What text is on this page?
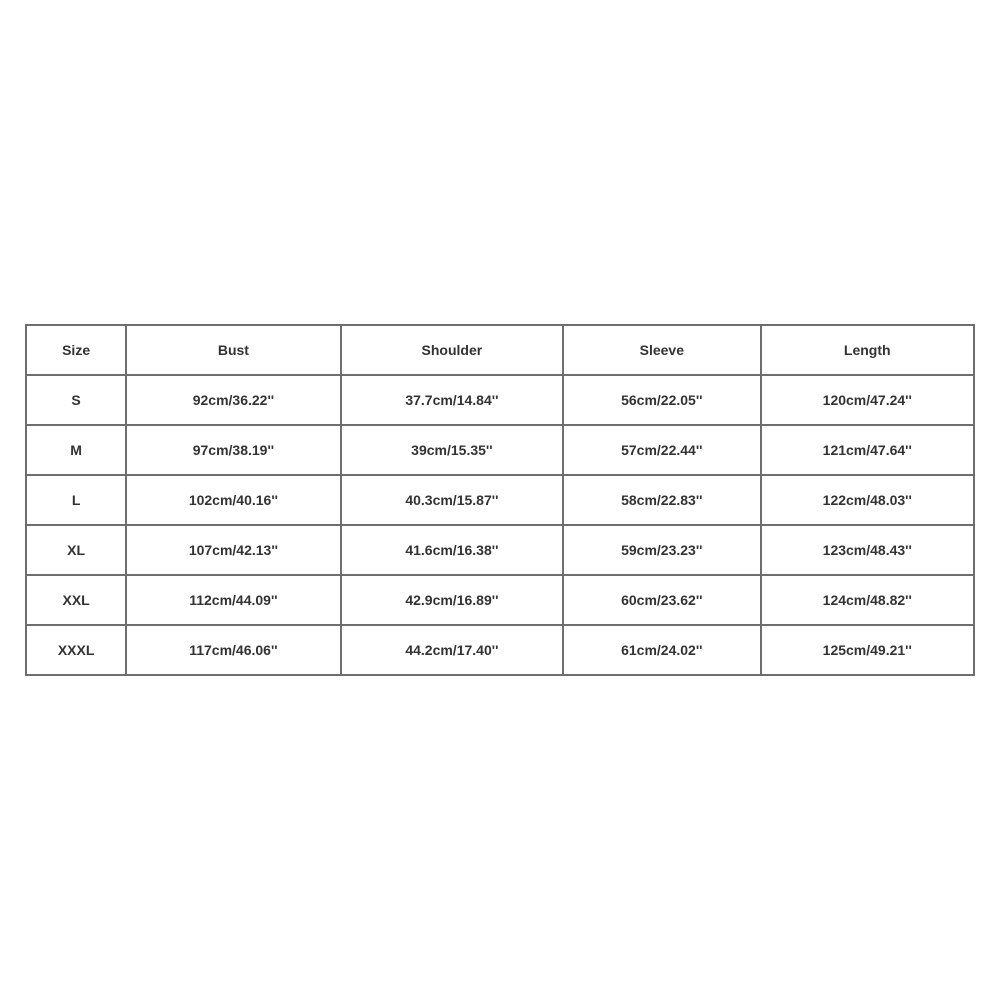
Size	Bust	Shoulder	Sleeve	Length
S	92cm/36.22''	37.7cm/14.84''	56cm/22.05''	120cm/47.24''
M	97cm/38.19''	39cm/15.35''	57cm/22.44''	121cm/47.64''
L	102cm/40.16''	40.3cm/15.87''	58cm/22.83''	122cm/48.03''
XL	107cm/42.13''	41.6cm/16.38''	59cm/23.23''	123cm/48.43''
XXL	112cm/44.09''	42.9cm/16.89''	60cm/23.62''	124cm/48.82''
XXXL	117cm/46.06''	44.2cm/17.40''	61cm/24.02''	125cm/49.21''
